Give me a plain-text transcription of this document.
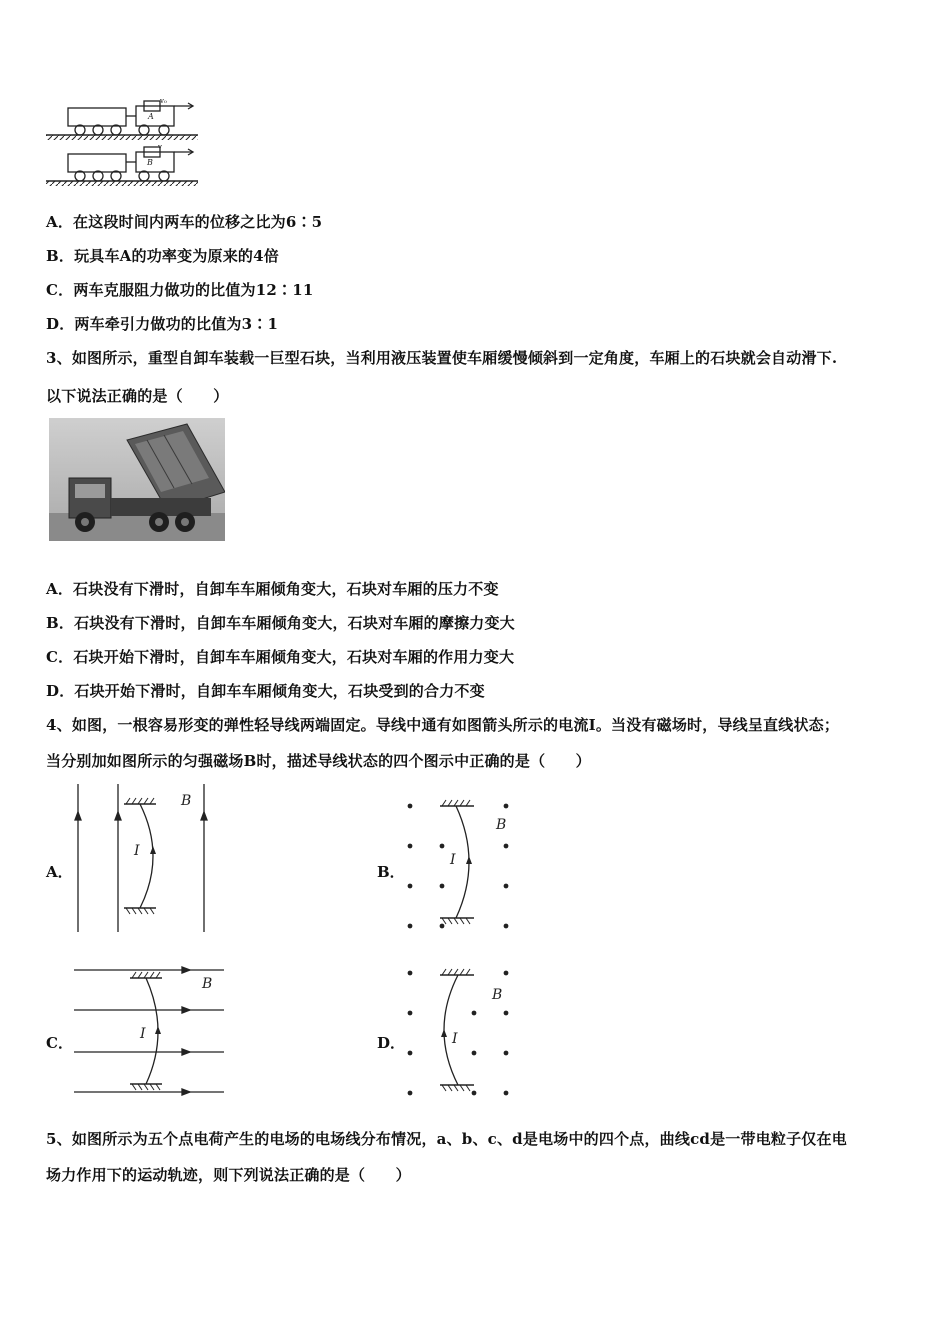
v₀
A
v
B
A．在这段时间内两车的位移之比为6∶5
B．玩具车A的功率变为原来的4倍
C．两车克服阻力做功的比值为12∶11
D．两车牵引力做功的比值为3∶1
3、如图所示，重型自卸车装载一巨型石块，当利用液压装置使车厢缓慢倾斜到一定角度，车厢上的石块就会自动滑下.
以下说法正确的是（　　）
A．石块没有下滑时，自卸车车厢倾角变大，石块对车厢的压力不变
B．石块没有下滑时，自卸车车厢倾角变大，石块对车厢的摩擦力变大
C．石块开始下滑时，自卸车车厢倾角变大，石块对车厢的作用力变大
D．石块开始下滑时，自卸车车厢倾角变大，石块受到的合力不变
4、如图，一根容易形变的弹性轻导线两端固定。导线中通有如图箭头所示的电流I。当没有磁场时，导线呈直线状态；
当分别加如图所示的匀强磁场B时，描述导线状态的四个图示中正确的是（　　）
A．
I
B
B．
I
B
C．	I
B
D．	I
B
5、如图所示为五个点电荷产生的电场的电场线分布情况，a、b、c、d是电场中的四个点，曲线cd是一带电粒子仅在电
场力作用下的运动轨迹，则下列说法正确的是（　　）
